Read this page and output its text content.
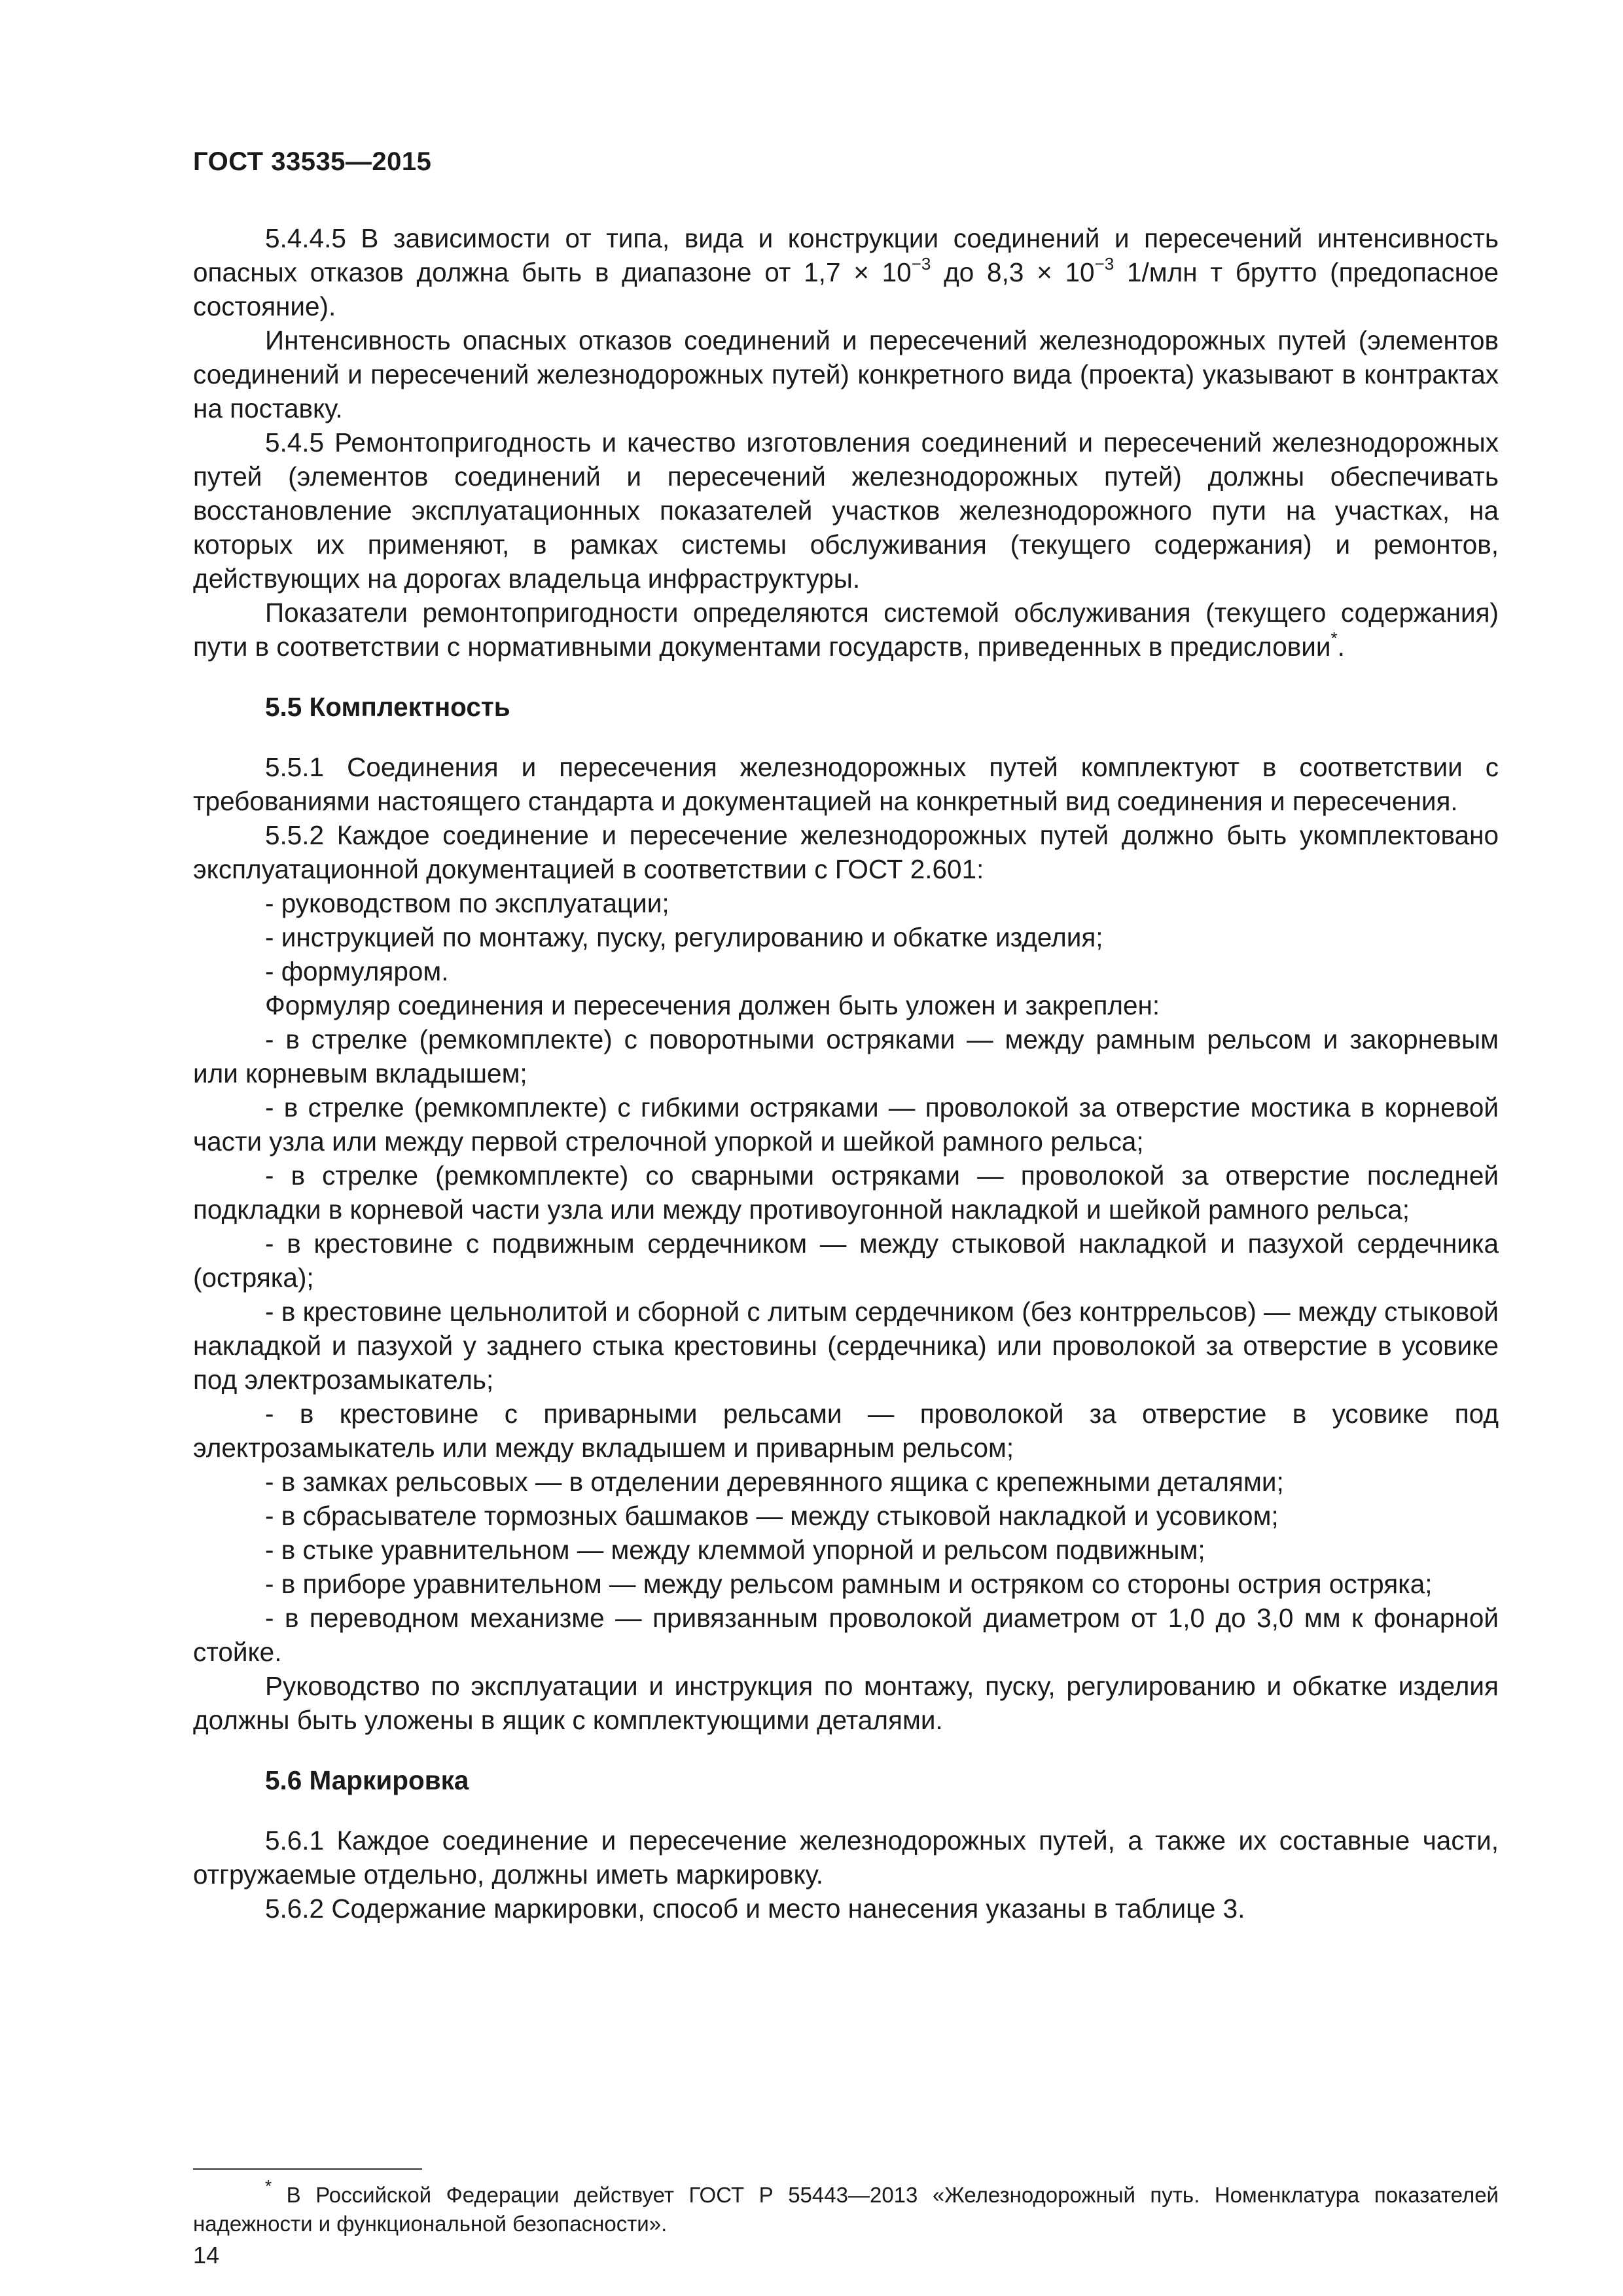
ГОСТ 33535—2015

5.4.4.5 В зависимости от типа, вида и конструкции соединений и пересечений интенсивность опасных отказов должна быть в диапазоне от $1,7 \times 10^{-3}$ до $8,3 \times 10^{-3}$ 1/млн т брутто (предопасное состояние).

Интенсивность опасных отказов соединений и пересечений железнодорожных путей (элементов соединений и пересечений железнодорожных путей) конкретного вида (проекта) указывают в контрактах на поставку.

5.4.5 Ремонтопригодность и качество изготовления соединений и пересечений железнодорожных путей (элементов соединений и пересечений железнодорожных путей) должны обеспечивать восстановление эксплуатационных показателей участков железнодорожного пути на участках, на которых их применяют, в рамках системы обслуживания (текущего содержания) и ремонтов, действующих на дорогах владельца инфраструктуры.

Показатели ремонтопригодности определяются системой обслуживания (текущего содержания) пути в соответствии с нормативными документами государств, приведенных в предисловии*.

5.5 Комплектность

5.5.1 Соединения и пересечения железнодорожных путей комплектуют в соответствии с требованиями настоящего стандарта и документацией на конкретный вид соединения и пересечения.

5.5.2 Каждое соединение и пересечение железнодорожных путей должно быть укомплектовано эксплуатационной документацией в соответствии с ГОСТ 2.601:

- руководством по эксплуатации;

- инструкцией по монтажу, пуску, регулированию и обкатке изделия;

- формуляром.

Формуляр соединения и пересечения должен быть уложен и закреплен:

- в стрелке (ремкомплекте) с поворотными остряками — между рамным рельсом и закорневым или корневым вкладышем;

- в стрелке (ремкомплекте) с гибкими остряками — проволокой за отверстие мостика в корневой части узла или между первой стрелочной упоркой и шейкой рамного рельса;

- в стрелке (ремкомплекте) со сварными остряками — проволокой за отверстие последней подкладки в корневой части узла или между противоугонной накладкой и шейкой рамного рельса;

- в крестовине с подвижным сердечником — между стыковой накладкой и пазухой сердечника (остряка);

- в крестовине цельнолитой и сборной с литым сердечником (без контррельсов) — между стыковой накладкой и пазухой у заднего стыка крестовины (сердечника) или проволокой за отверстие в усовике под электрозамыкатель;

- в крестовине с приварными рельсами — проволокой за отверстие в усовике под электрозамыкатель или между вкладышем и приварным рельсом;

- в замках рельсовых — в отделении деревянного ящика с крепежными деталями;

- в сбрасывателе тормозных башмаков — между стыковой накладкой и усовиком;

- в стыке уравнительном — между клеммой упорной и рельсом подвижным;

- в приборе уравнительном — между рельсом рамным и остряком со стороны острия остряка;

- в переводном механизме — привязанным проволокой диаметром от 1,0 до 3,0 мм к фонарной стойке.

Руководство по эксплуатации и инструкция по монтажу, пуску, регулированию и обкатке изделия должны быть уложены в ящик с комплектующими деталями.

5.6 Маркировка

5.6.1 Каждое соединение и пересечение железнодорожных путей, а также их составные части, отгружаемые отдельно, должны иметь маркировку.

5.6.2 Содержание маркировки, способ и место нанесения указаны в таблице 3.

* В Российской Федерации действует ГОСТ Р 55443—2013 «Железнодорожный путь. Номенклатура показателей надежности и функциональной безопасности».
14
